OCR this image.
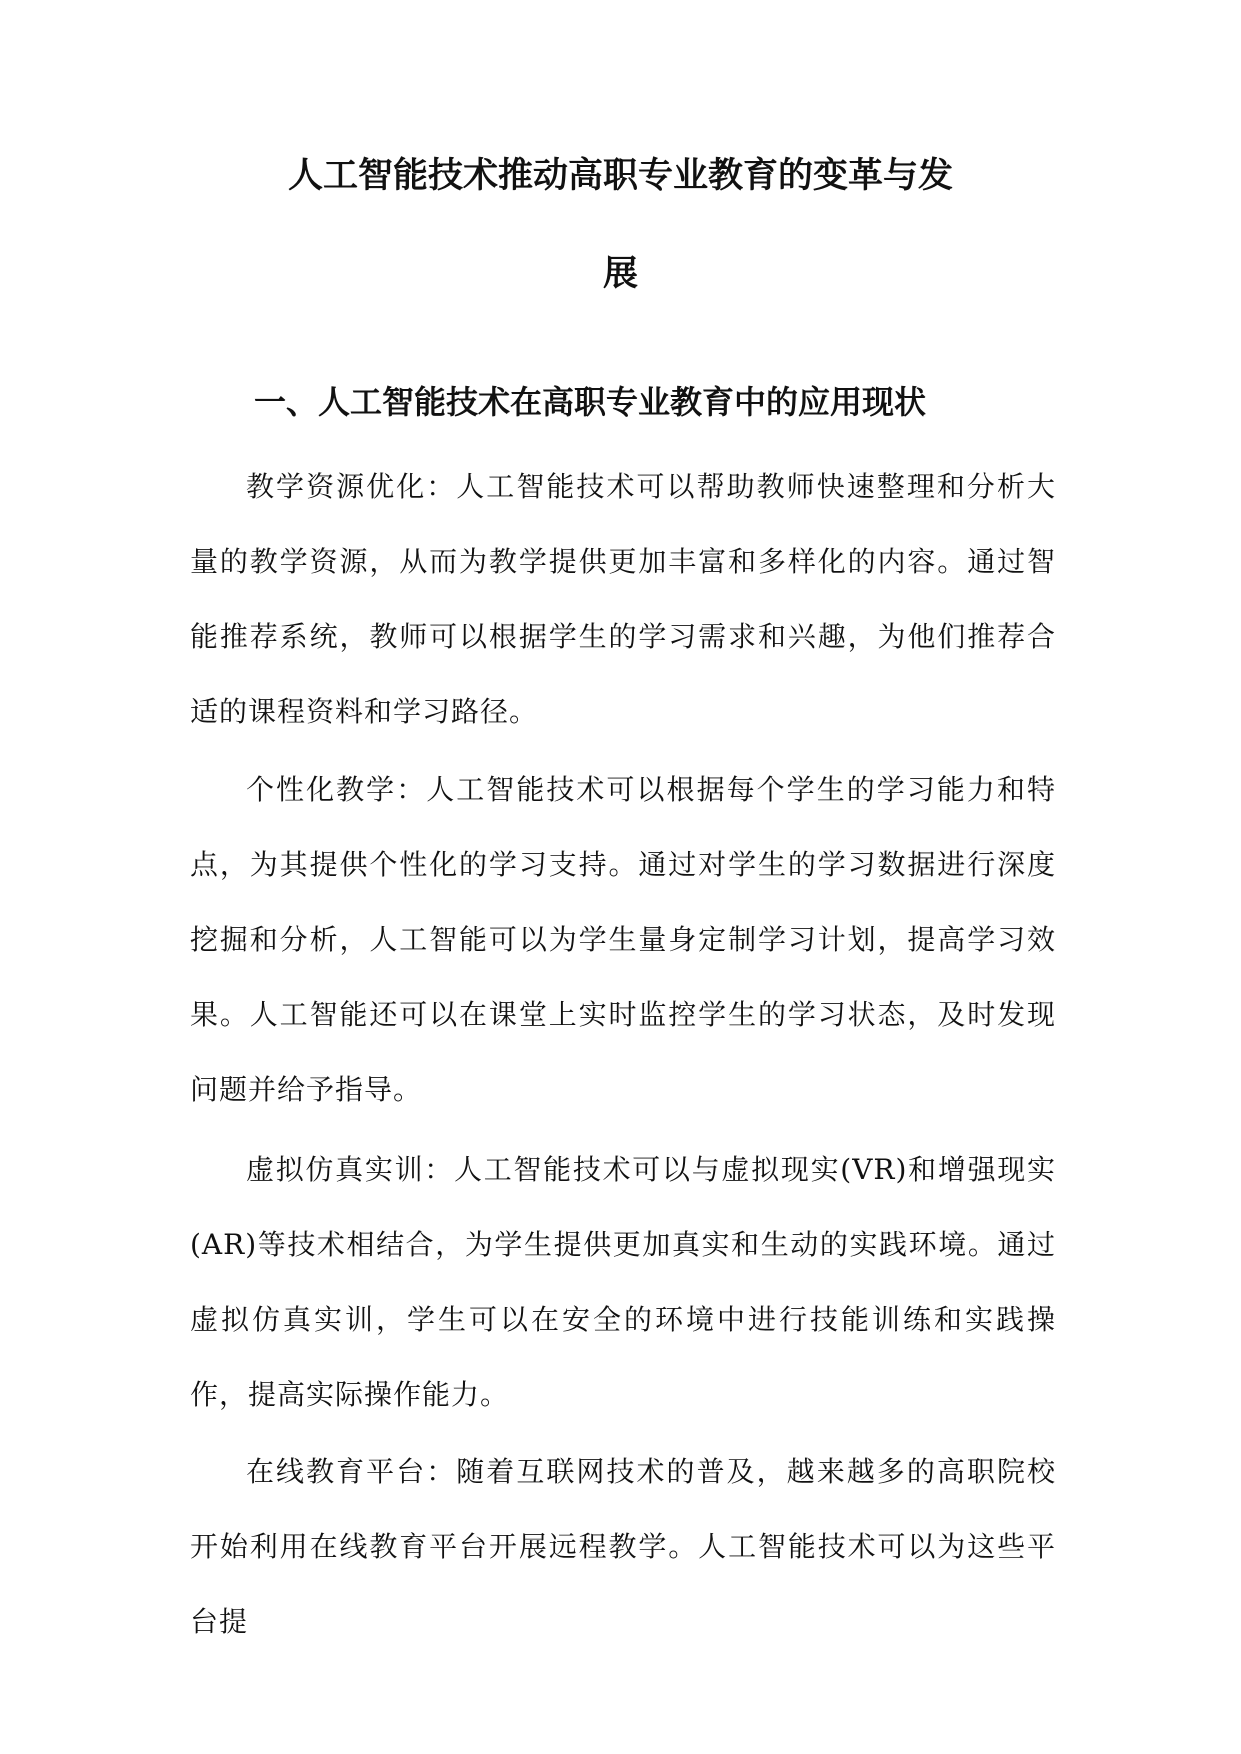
人工智能技术推动高职专业教育的变革与发
展
一、人工智能技术在高职专业教育中的应用现状

教学资源优化：人工智能技术可以帮助教师快速整理和分析大量的教学资源，从而为教学提供更加丰富和多样化的内容。通过智能推荐系统，教师可以根据学生的学习需求和兴趣，为他们推荐合适的课程资料和学习路径。

个性化教学：人工智能技术可以根据每个学生的学习能力和特点，为其提供个性化的学习支持。通过对学生的学习数据进行深度挖掘和分析，人工智能可以为学生量身定制学习计划，提高学习效果。人工智能还可以在课堂上实时监控学生的学习状态，及时发现问题并给予指导。

虚拟仿真实训：人工智能技术可以与虚拟现实(VR)和增强现实(AR)等技术相结合，为学生提供更加真实和生动的实践环境。通过虚拟仿真实训，学生可以在安全的环境中进行技能训练和实践操作，提高实际操作能力。

在线教育平台：随着互联网技术的普及，越来越多的高职院校开始利用在线教育平台开展远程教学。人工智能技术可以为这些平台提
